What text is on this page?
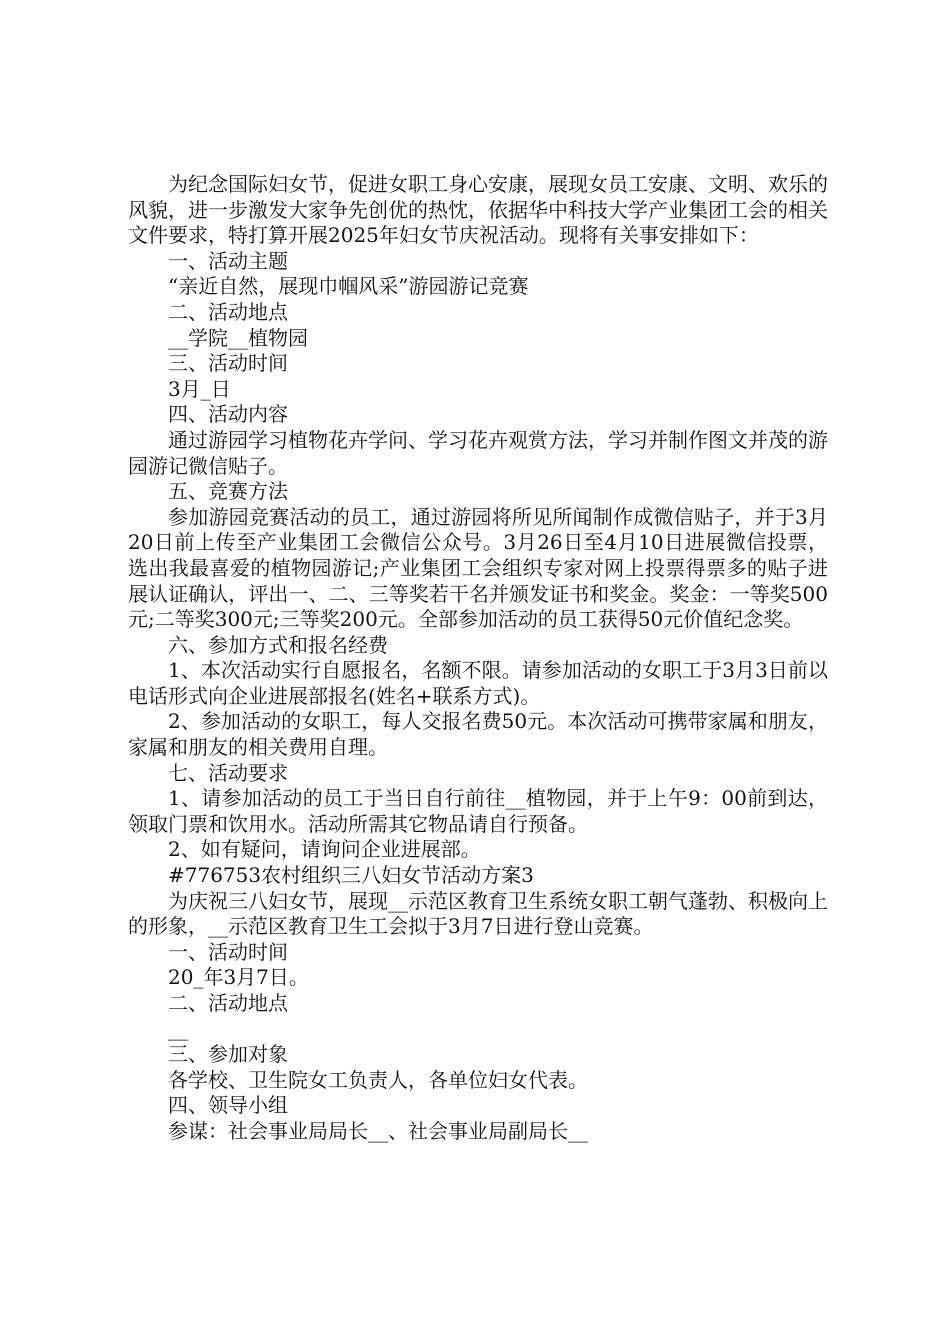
为纪念国际妇女节，促进女职工身心安康，展现女员工安康、文明、欢乐的风貌，进一步激发大家争先创优的热忱，依据华中科技大学产业集团工会的相关文件要求，特打算开展2025年妇女节庆祝活动。现将有关事安排如下：

一、活动主题

“亲近自然，展现巾帼风采”游园游记竞赛

二、活动地点

__学院__植物园

三、活动时间

3月_日

四、活动内容

通过游园学习植物花卉学问、学习花卉观赏方法，学习并制作图文并茂的游园游记微信贴子。

五、竞赛方法

参加游园竞赛活动的员工，通过游园将所见所闻制作成微信贴子，并于3月20日前上传至产业集团工会微信公众号。3月26日至4月10日进展微信投票，选出我最喜爱的植物园游记;产业集团工会组织专家对网上投票得票多的贴子进展认证确认，评出一、二、三等奖若干名并颁发证书和奖金。奖金：一等奖500元;二等奖300元;三等奖200元。全部参加活动的员工获得50元价值纪念奖。

六、参加方式和报名经费

1、本次活动实行自愿报名，名额不限。请参加活动的女职工于3月3日前以电话形式向企业进展部报名(姓名+联系方式)。

2、参加活动的女职工，每人交报名费50元。本次活动可携带家属和朋友，家属和朋友的相关费用自理。

七、活动要求

1、请参加活动的员工于当日自行前往__植物园，并于上午9：00前到达，领取门票和饮用水。活动所需其它物品请自行预备。

2、如有疑问，请询问企业进展部。

#776753农村组织三八妇女节活动方案3

为庆祝三八妇女节，展现__示范区教育卫生系统女职工朝气蓬勃、积极向上的形象，__示范区教育卫生工会拟于3月7日进行登山竞赛。

一、活动时间

20_年3月7日。

二、活动地点

__

三、参加对象

各学校、卫生院女工负责人，各单位妇女代表。

四、领导小组

参谋：社会事业局局长__、社会事业局副局长__
